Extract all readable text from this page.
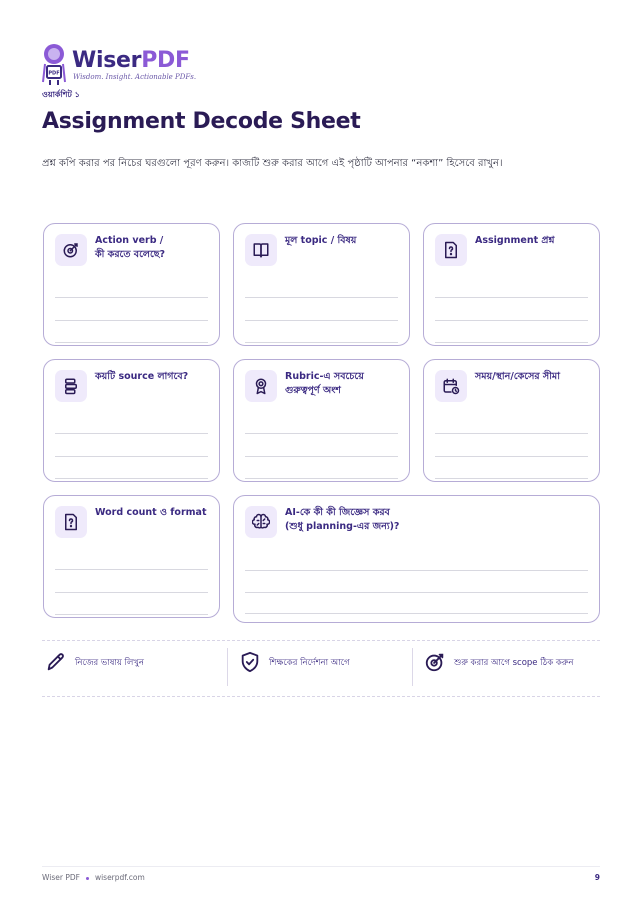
PDF
WiserPDF
Wisdom. Insight. Actionable PDFs.
ওয়ার্কশিট ১
Assignment Decode Sheet
প্রশ্ন কপি করার পর নিচের ঘরগুলো পূরণ করুন। কাজটি শুরু করার আগে এই পৃষ্ঠাটি আপনার “নকশা” হিসেবে রাখুন।
Action verb /
কী করতে বলেছে?
মূল topic / বিষয়	Assignment প্রশ্ন
কয়টি source লাগবে?	Rubric-এ সবচেয়ে
গুরুত্বপূর্ণ অংশ
সময়/স্থান/কেসের সীমা
Word count ও format	AI-কে কী কী জিজ্ঞেস করব
(শুধু planning-এর জন্য)?
নিজের ভাষায় লিখুন	শিক্ষকের নির্দেশনা আগে	শুরু করার আগে scope ঠিক করুন
Wiser PDF wiserpdf.com	9
